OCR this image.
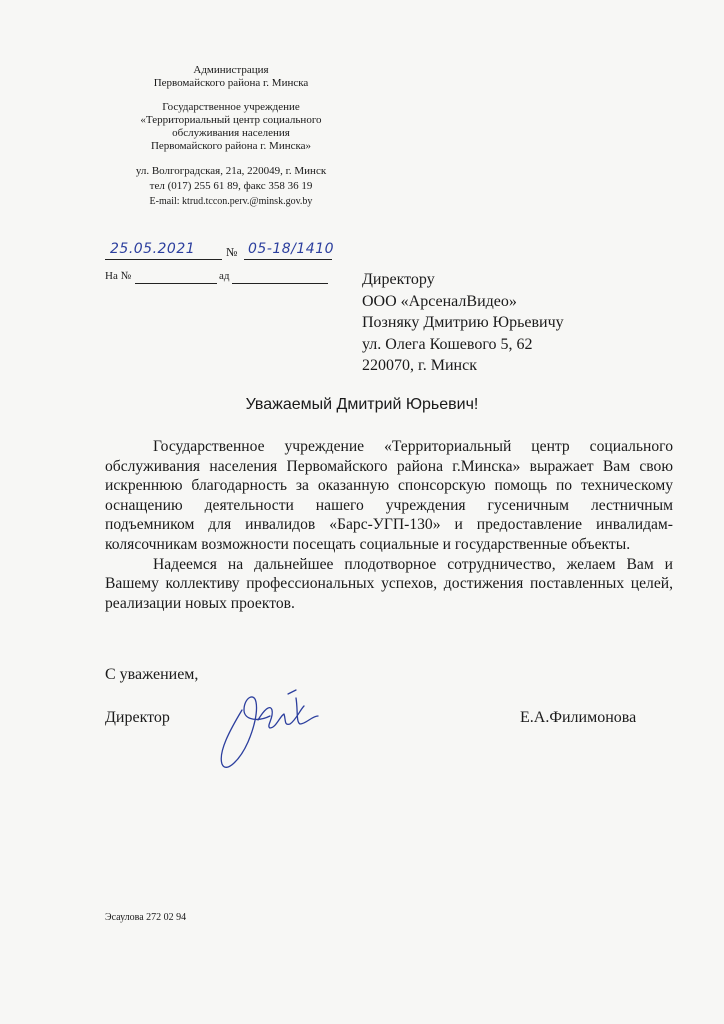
Администрация
Первомайского района г. Минска
Государственное учреждение
«Территориальный центр социального
обслуживания населения
Первомайского района г. Минска»
ул. Волгоградская, 21а, 220049, г. Минск
тел (017) 255 61 89, факс 358 36 19
E-mail: ktrud.tccon.perv.@minsk.gov.by
25.05.2021	№ 05-18/1410
На №	ад	Директору
ООО «АрсеналВидео»
Позняку Дмитрию Юрьевичу
ул. Олега Кошевого 5, 62
220070, г. Минск
Уважаемый Дмитрий Юрьевич!

Государственное учреждение «Территориальный центр социального обслуживания населения Первомайского района г.Минска» выражает Вам свою искреннюю благодарность за оказанную спонсорскую помощь по техническому оснащению деятельности нашего учреждения гусеничным лестничным подъемником для инвалидов «Барс-УГП-130» и предоставление инвалидам-колясочникам возможности посещать социальные и государственные объекты.

Надеемся на дальнейшее плодотворное сотрудничество, желаем Вам и Вашему коллективу профессиональных успехов, достижения поставленных целей, реализации новых проектов.

С уважением,
Директор	Е.А.Филимонова
Эсаулова 272 02 94
